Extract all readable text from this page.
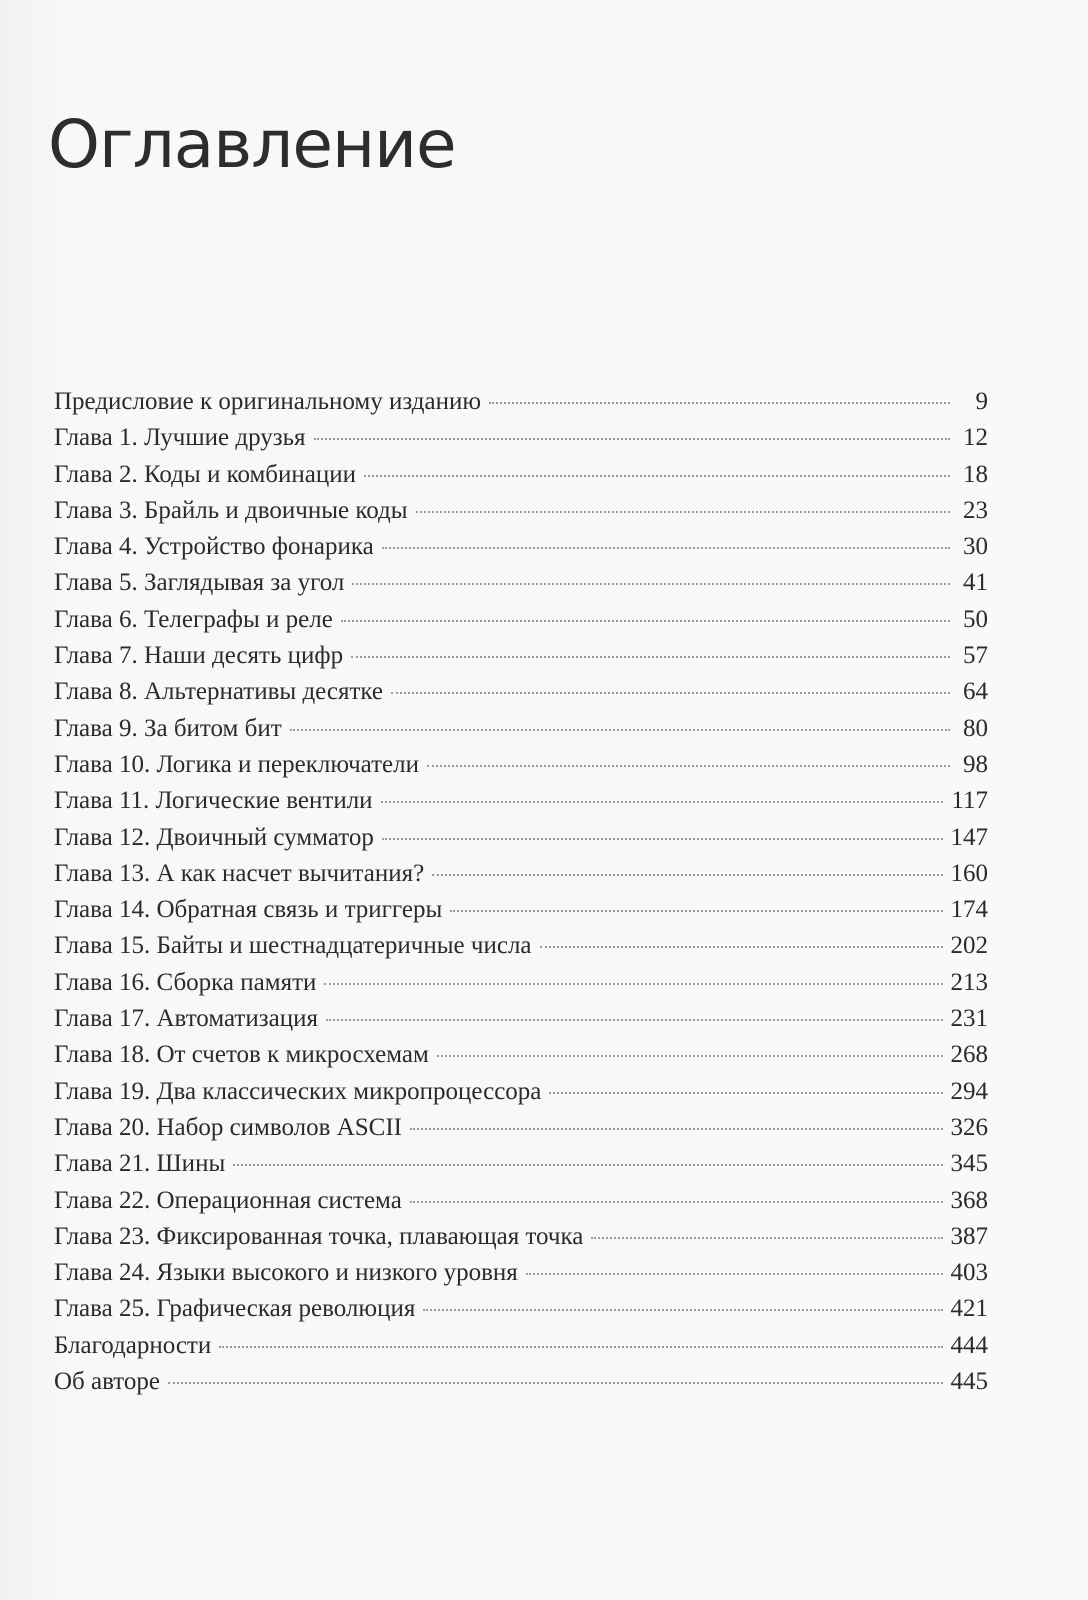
Оглавление
Предисловие к оригинальному изданию	9
Глава 1. Лучшие друзья	12
Глава 2. Коды и комбинации	18
Глава 3. Брайль и двоичные коды	23
Глава 4. Устройство фонарика	30
Глава 5. Заглядывая за угол	41
Глава 6. Телеграфы и реле	50
Глава 7. Наши десять цифр	57
Глава 8. Альтернативы десятке	64
Глава 9. За битом бит	80
Глава 10. Логика и переключатели	98
Глава 11. Логические вентили	117
Глава 12. Двоичный сумматор	147
Глава 13. А как насчет вычитания?	160
Глава 14. Обратная связь и триггеры	174
Глава 15. Байты и шестнадцатеричные числа	202
Глава 16. Сборка памяти	213
Глава 17. Автоматизация	231
Глава 18. От счетов к микросхемам	268
Глава 19. Два классических микропроцессора	294
Глава 20. Набор символов ASCII	326
Глава 21. Шины	345
Глава 22. Операционная система	368
Глава 23. Фиксированная точка, плавающая точка	387
Глава 24. Языки высокого и низкого уровня	403
Глава 25. Графическая революция	421
Благодарности	444
Об авторе	445
